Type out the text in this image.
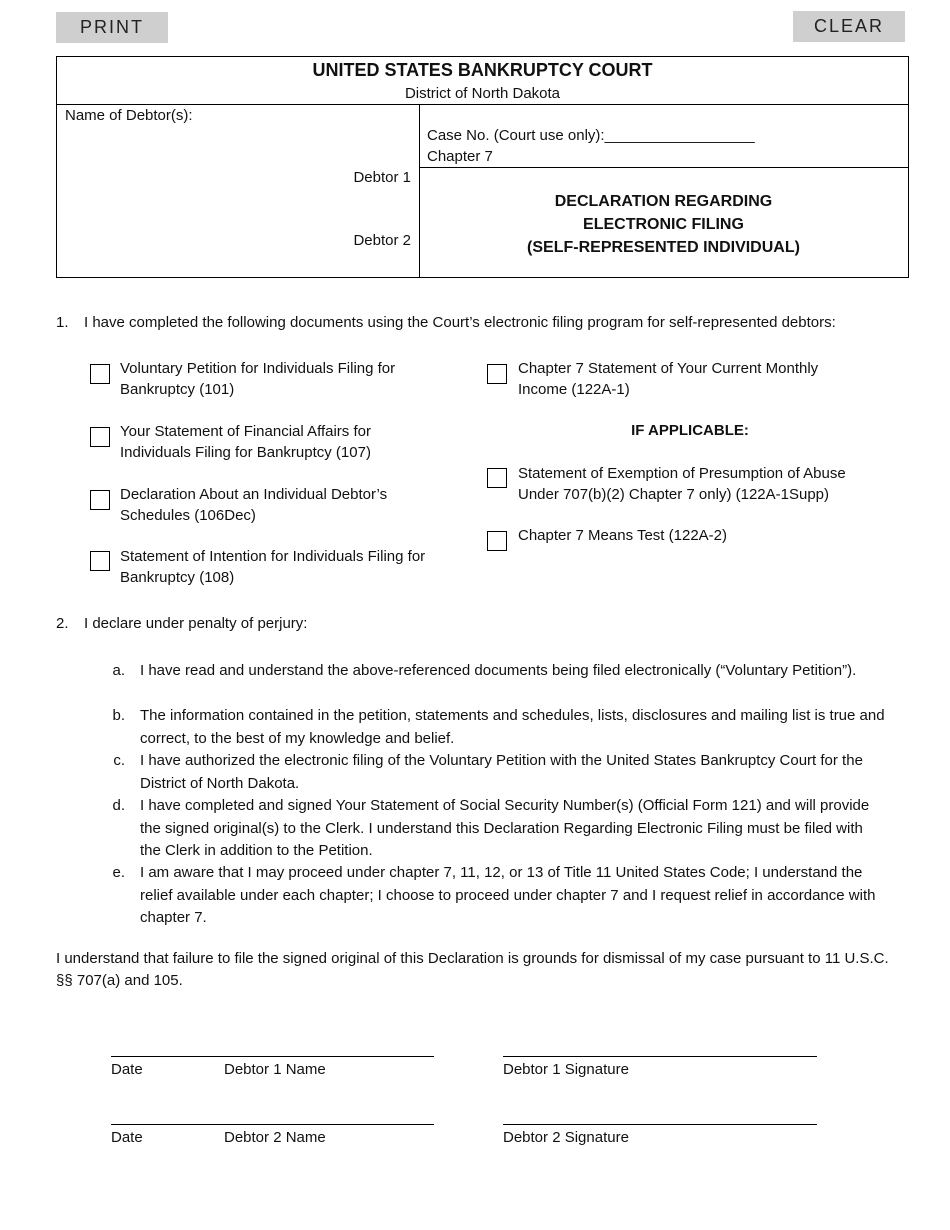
PRINT	CLEAR
UNITED STATES BANKRUPTCY COURT
District of North Dakota
Name of Debtor(s):
Debtor 1
Debtor 2
Case No. (Court use only):__________________
Chapter 7
DECLARATION REGARDING
ELECTRONIC FILING
(SELF-REPRESENTED INDIVIDUAL)
1. I have completed the following documents using the Court’s electronic filing program for self-represented debtors:
Voluntary Petition for Individuals Filing for
Bankruptcy (101)
Your Statement of Financial Affairs for
Individuals Filing for Bankruptcy (107)
Declaration About an Individual Debtor’s
Schedules (106Dec)
Statement of Intention for Individuals Filing for
Bankruptcy (108)
Chapter 7 Statement of Your Current Monthly
Income (122A-1)
IF APPLICABLE:
Statement of Exemption of Presumption of Abuse
Under 707(b)(2) Chapter 7 only) (122A-1Supp)
Chapter 7 Means Test (122A-2)
2. I declare under penalty of perjury:
a. I have read and understand the above-referenced documents being filed electronically (“Voluntary Petition”).
b. The information contained in the petition, statements and schedules, lists, disclosures and mailing list is true and correct, to the best of my knowledge and belief.
c. I have authorized the electronic filing of the Voluntary Petition with the United States Bankruptcy Court for the District of North Dakota.
d. I have completed and signed Your Statement of Social Security Number(s) (Official Form 121) and will provide the signed original(s) to the Clerk. I understand this Declaration Regarding Electronic Filing must be filed with the Clerk in addition to the Petition.
e. I am aware that I may proceed under chapter 7, 11, 12, or 13 of Title 11 United States Code; I understand the relief available under each chapter; I choose to proceed under chapter 7 and I request relief in accordance with chapter 7.
I understand that failure to file the signed original of this Declaration is grounds for dismissal of my case pursuant to 11 U.S.C. §§ 707(a) and 105.
Date	Debtor 1 Name	Debtor 1 Signature
Date	Debtor 2 Name	Debtor 2 Signature
